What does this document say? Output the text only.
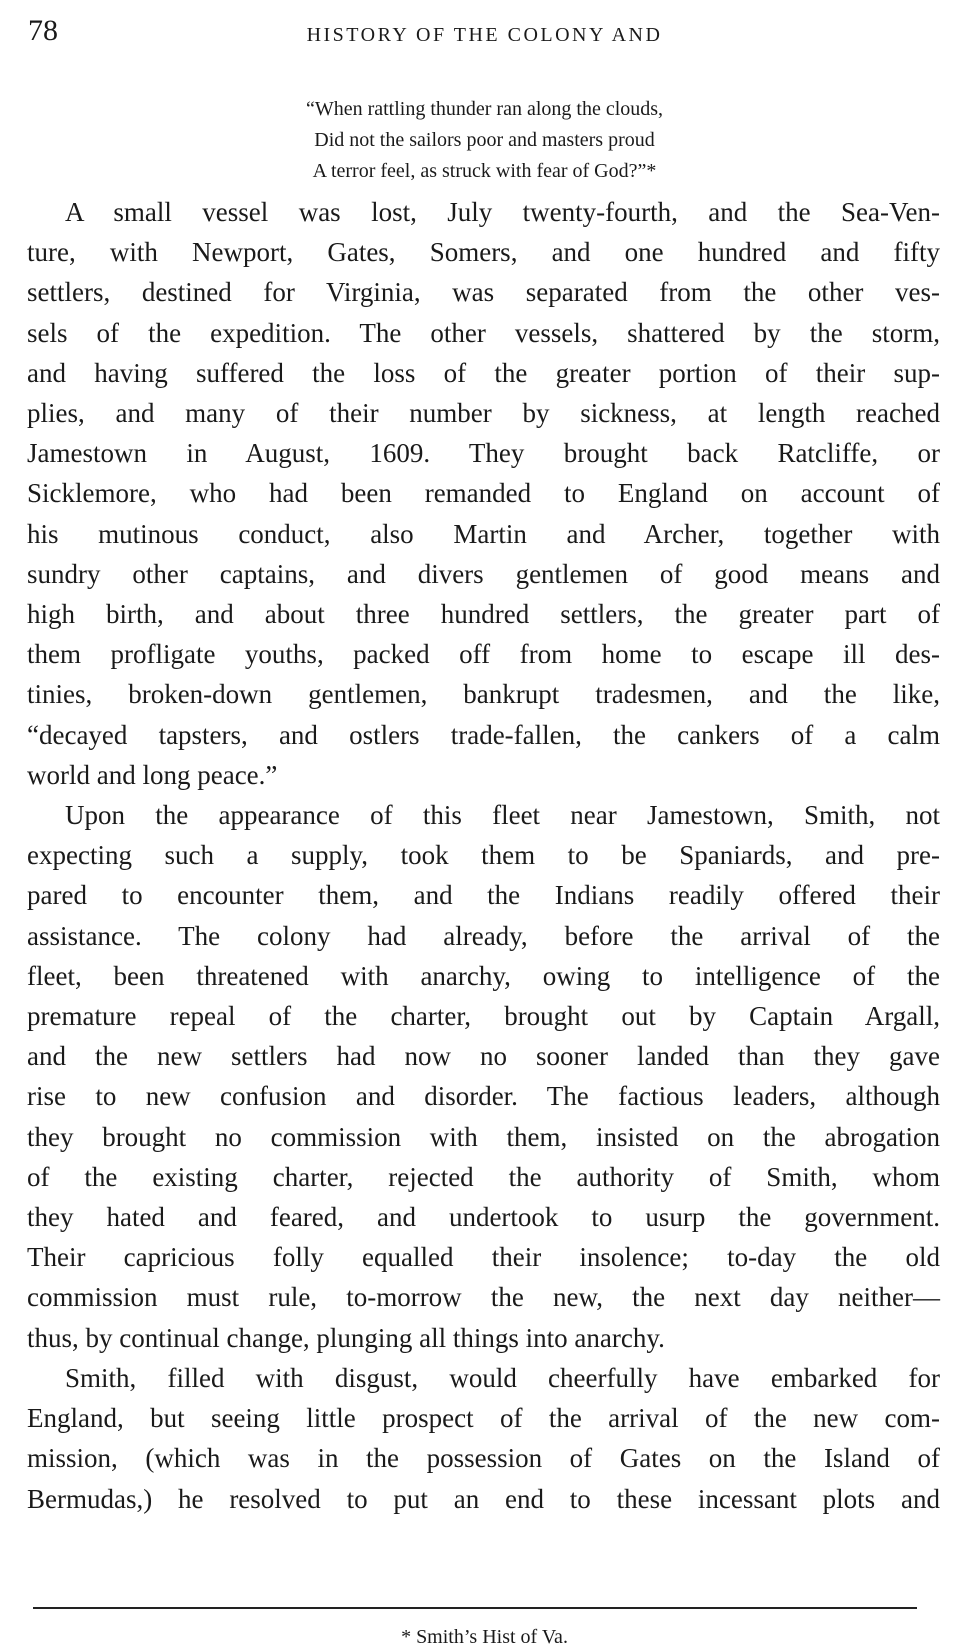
78	HISTORY OF THE COLONY AND
“When rattling thunder ran along the clouds,
Did not the sailors poor and masters proud
A terror feel, as struck with fear of God?”*
A small vessel was lost, July twenty-fourth, and the Sea-Ven-
ture, with Newport, Gates, Somers, and one hundred and fifty
settlers, destined for Virginia, was separated from the other ves-
sels of the expedition. The other vessels, shattered by the storm,
and having suffered the loss of the greater portion of their sup-
plies, and many of their number by sickness, at length reached
Jamestown in August, 1609. They brought back Ratcliffe, or
Sicklemore, who had been remanded to England on account of
his mutinous conduct, also Martin and Archer, together with
sundry other captains, and divers gentlemen of good means and
high birth, and about three hundred settlers, the greater part of
them profligate youths, packed off from home to escape ill des-
tinies, broken-down gentlemen, bankrupt tradesmen, and the like,
“decayed tapsters, and ostlers trade-fallen, the cankers of a calm
world and long peace.”
Upon the appearance of this fleet near Jamestown, Smith, not
expecting such a supply, took them to be Spaniards, and pre-
pared to encounter them, and the Indians readily offered their
assistance. The colony had already, before the arrival of the
fleet, been threatened with anarchy, owing to intelligence of the
premature repeal of the charter, brought out by Captain Argall,
and the new settlers had now no sooner landed than they gave
rise to new confusion and disorder. The factious leaders, although
they brought no commission with them, insisted on the abrogation
of the existing charter, rejected the authority of Smith, whom
they hated and feared, and undertook to usurp the government.
Their capricious folly equalled their insolence; to-day the old
commission must rule, to-morrow the new, the next day neither—
thus, by continual change, plunging all things into anarchy.
Smith, filled with disgust, would cheerfully have embarked for
England, but seeing little prospect of the arrival of the new com-
mission, (which was in the possession of Gates on the Island of
Bermudas,) he resolved to put an end to these incessant plots and
* Smith’s Hist of Va.
